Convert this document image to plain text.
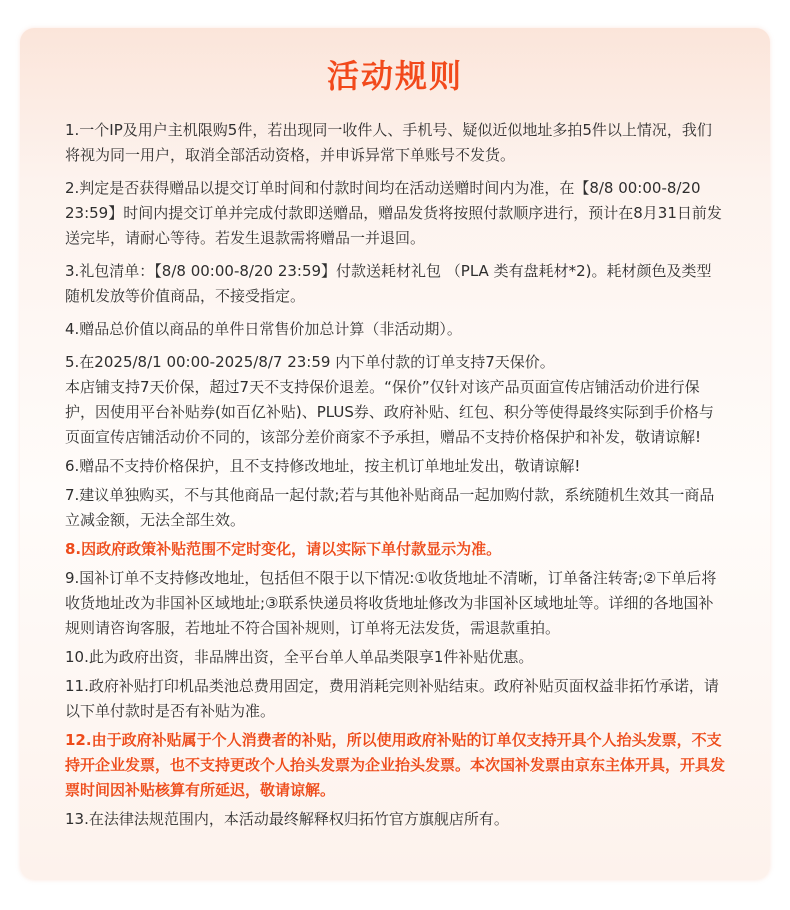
活动规则

1.一个IP及用户主机限购5件，若出现同一收件人、手机号、疑似近似地址多拍5件以上情况，我们将视为同一用户，取消全部活动资格，并申诉异常下单账号不发货。

2.判定是否获得赠品以提交订单时间和付款时间均在活动送赠时间内为准，在【8/8 00:00-8/20 23:59】时间内提交订单并完成付款即送赠品，赠品发货将按照付款顺序进行，预计在8月31日前发送完毕，请耐心等待。若发生退款需将赠品一并退回。

3.礼包清单：【8/8 00:00-8/20 23:59】付款送耗材礼包 （PLA 类有盘耗材*2)。耗材颜色及类型随机发放等价值商品，不接受指定。

4.赠品总价值以商品的单件日常售价加总计算（非活动期）。

5.在2025/8/1 00:00-2025/8/7 23:59 内下单付款的订单支持7天保价。
本店铺支持7天价保，超过7天不支持保价退差。“保价”仅针对该产品页面宣传店铺活动价进行保护，因使用平台补贴券(如百亿补贴)、PLUS券、政府补贴、红包、积分等使得最终实际到手价格与页面宣传店铺活动价不同的，该部分差价商家不予承担，赠品不支持价格保护和补发，敬请谅解!

6.赠品不支持价格保护，且不支持修改地址，按主机订单地址发出，敬请谅解!

7.建议单独购买，不与其他商品一起付款;若与其他补贴商品一起加购付款，系统随机生效其一商品立减金额，无法全部生效。

8.因政府政策补贴范围不定时变化，请以实际下单付款显示为准。

9.国补订单不支持修改地址，包括但不限于以下情况:①收货地址不清晰，订单备注转寄;②下单后将收货地址改为非国补区域地址;③联系快递员将收货地址修改为非国补区域地址等。详细的各地国补规则请咨询客服，若地址不符合国补规则，订单将无法发货，需退款重拍。

10.此为政府出资，非品牌出资，全平台单人单品类限享1件补贴优惠。

11.政府补贴打印机品类池总费用固定，费用消耗完则补贴结束。政府补贴页面权益非拓竹承诺，请以下单付款时是否有补贴为准。

12.由于政府补贴属于个人消费者的补贴，所以使用政府补贴的订单仅支持开具个人抬头发票，不支持开企业发票，也不支持更改个人抬头发票为企业抬头发票。本次国补发票由京东主体开具，开具发票时间因补贴核算有所延迟，敬请谅解。

13.在法律法规范围内，本活动最终解释权归拓竹官方旗舰店所有。
